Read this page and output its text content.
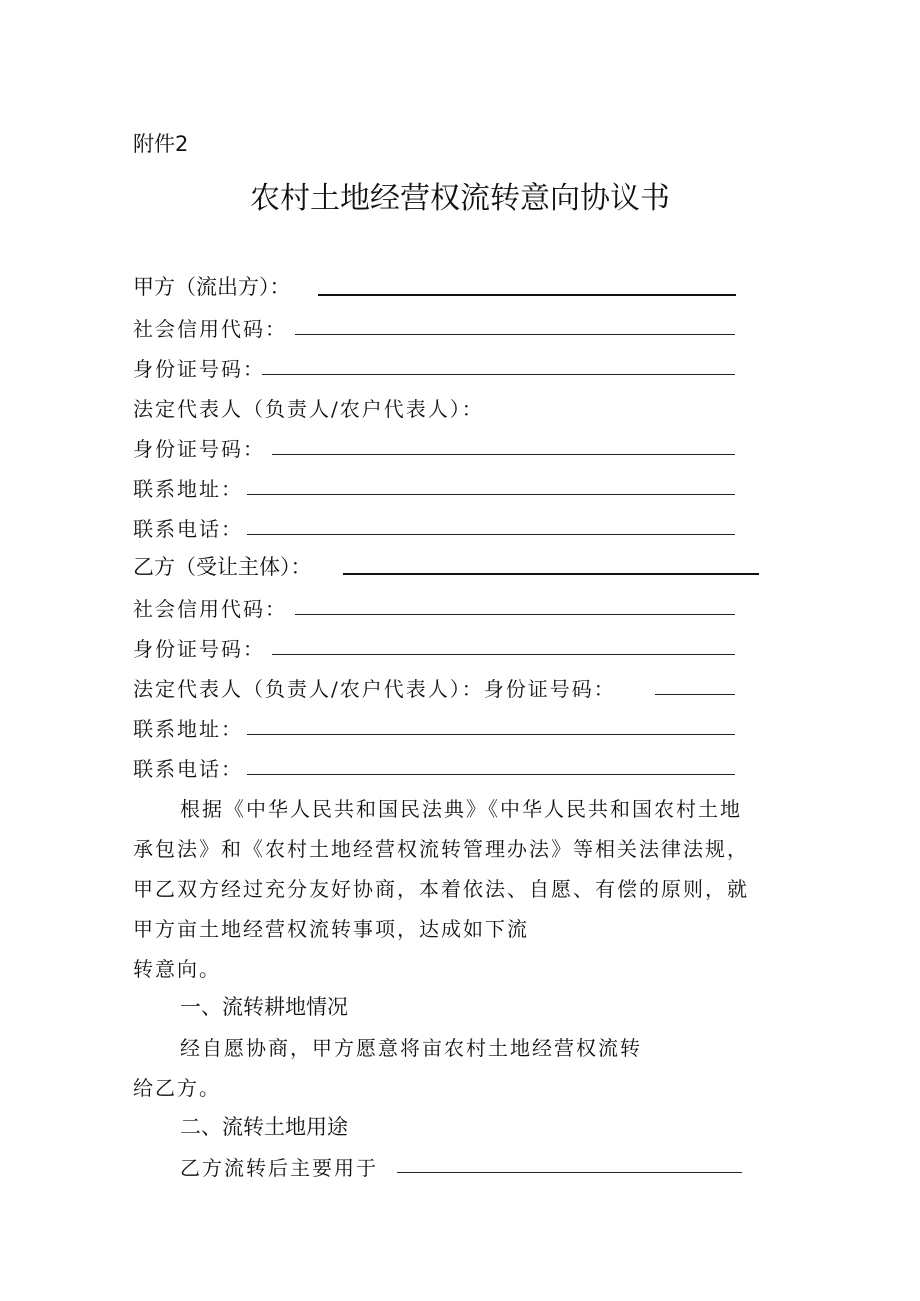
附件2
农村土地经营权流转意向协议书
甲方（流出方）：
社会信用代码：
身份证号码：
法定代表人（负责人/农户代表人）：
身份证号码：
联系地址：
联系电话：
乙方（受让主体）：
社会信用代码：
身份证号码：
法定代表人（负责人/农户代表人）：身份证号码：
联系地址：
联系电话：
根据《中华人民共和国民法典》《中华人民共和国农村土地
承包法》和《农村土地经营权流转管理办法》等相关法律法规，
甲乙双方经过充分友好协商，本着依法、自愿、有偿的原则，就
甲方亩土地经营权流转事项，达成如下流
转意向。
一、流转耕地情况
经自愿协商，甲方愿意将亩农村土地经营权流转
给乙方。
二、流转土地用途
乙方流转后主要用于
